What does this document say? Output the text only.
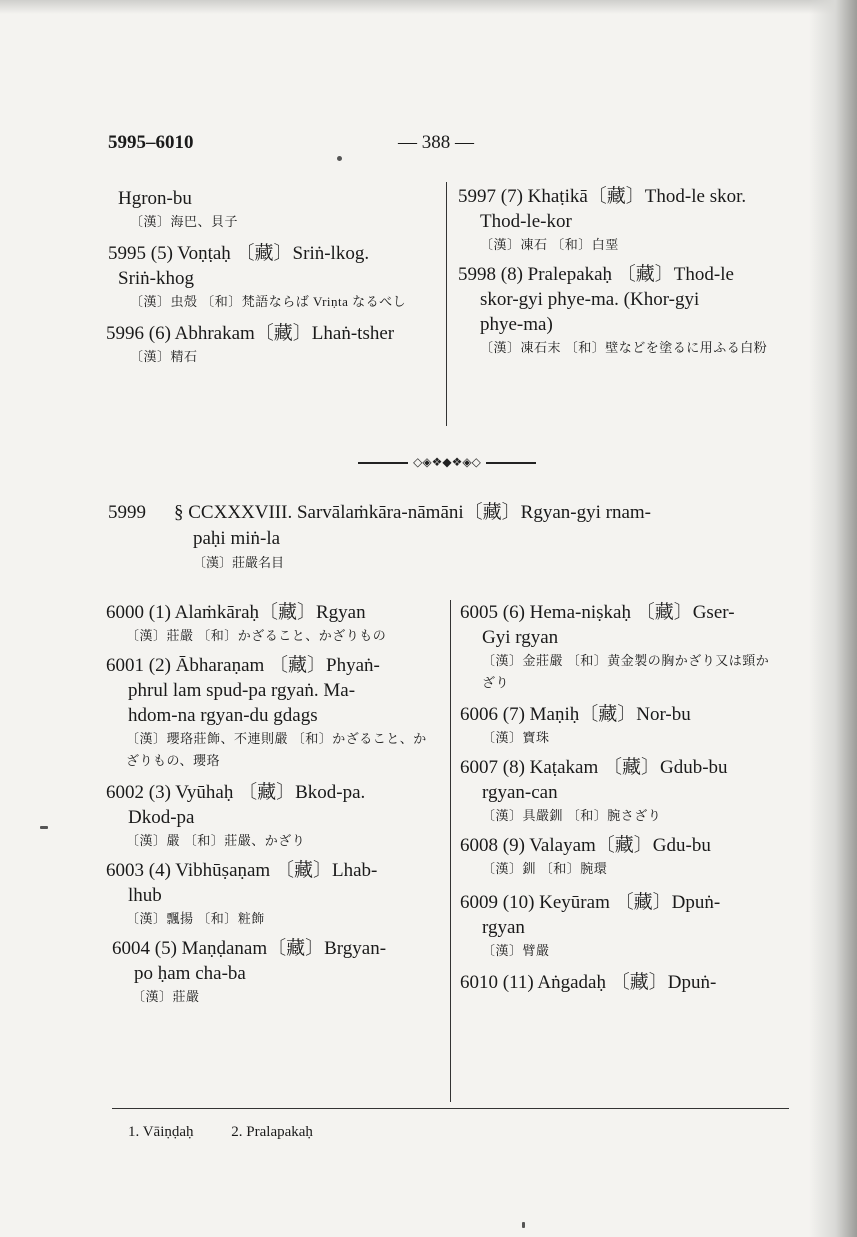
5995–6010	— 388 —

Hgron-bu

〔漢〕海巴、貝子

5995 (5) Voṇṭaḥ 〔藏〕Sriṅ-lkog.

Sriṅ-khog

〔漢〕虫殻 〔和〕梵語ならば Vriṇta なるべし

5996 (6) Abhrakam〔藏〕Lhaṅ-tsher

〔漢〕精石

5997 (7) Khaṭikā〔藏〕Thod-le skor.

Thod-le-kor

〔漢〕凍石 〔和〕白堊

5998 (8) Pralepakaḥ 〔藏〕Thod-le

skor-gyi phye-ma. (Khor-gyi

phye-ma)

〔漢〕凍石末 〔和〕壁などを塗るに用ふる白粉

◇◈❖◆❖◈◇
5999 § CCXXXVIII. Sarvālaṁkāra-nāmāni〔藏〕Rgyan-gyi rnam-
paḥi miṅ-la
〔漢〕莊嚴名目

6000 (1) Alaṁkāraḥ〔藏〕Rgyan

〔漢〕莊嚴 〔和〕かざること、かざりもの

6001 (2) Ābharaṇam 〔藏〕Phyaṅ-

phrul lam spud-pa rgyaṅ. Ma-

hdom-na rgyan-du gdags

〔漢〕瓔珞莊飾、不連則嚴 〔和〕かざること、かざりもの、瓔珞

6002 (3) Vyūhaḥ 〔藏〕Bkod-pa.

Dkod-pa

〔漢〕嚴 〔和〕莊嚴、かざり

6003 (4) Vibhūṣaṇam 〔藏〕Lhab-

lhub

〔漢〕飄揚 〔和〕粧飾

6004 (5) Maṇḍanam〔藏〕Brgyan-

po ḥam cha-ba

〔漢〕莊嚴

6005 (6) Hema-niṣkaḥ 〔藏〕Gser-

Gyi rgyan

〔漢〕金莊嚴 〔和〕黄金製の胸かざり又は頸かざり

6006 (7) Maṇiḥ〔藏〕Nor-bu

〔漢〕寶珠

6007 (8) Kaṭakam 〔藏〕Gdub-bu

rgyan-can

〔漢〕具嚴釧 〔和〕腕さざり

6008 (9) Valayam〔藏〕Gdu-bu

〔漢〕釧 〔和〕腕環

6009 (10) Keyūram 〔藏〕Dpuṅ-

rgyan

〔漢〕臂嚴

6010 (11) Aṅgadaḥ 〔藏〕Dpuṅ-

1. Vāiṇḍaḥ	2. Pralapakaḥ
